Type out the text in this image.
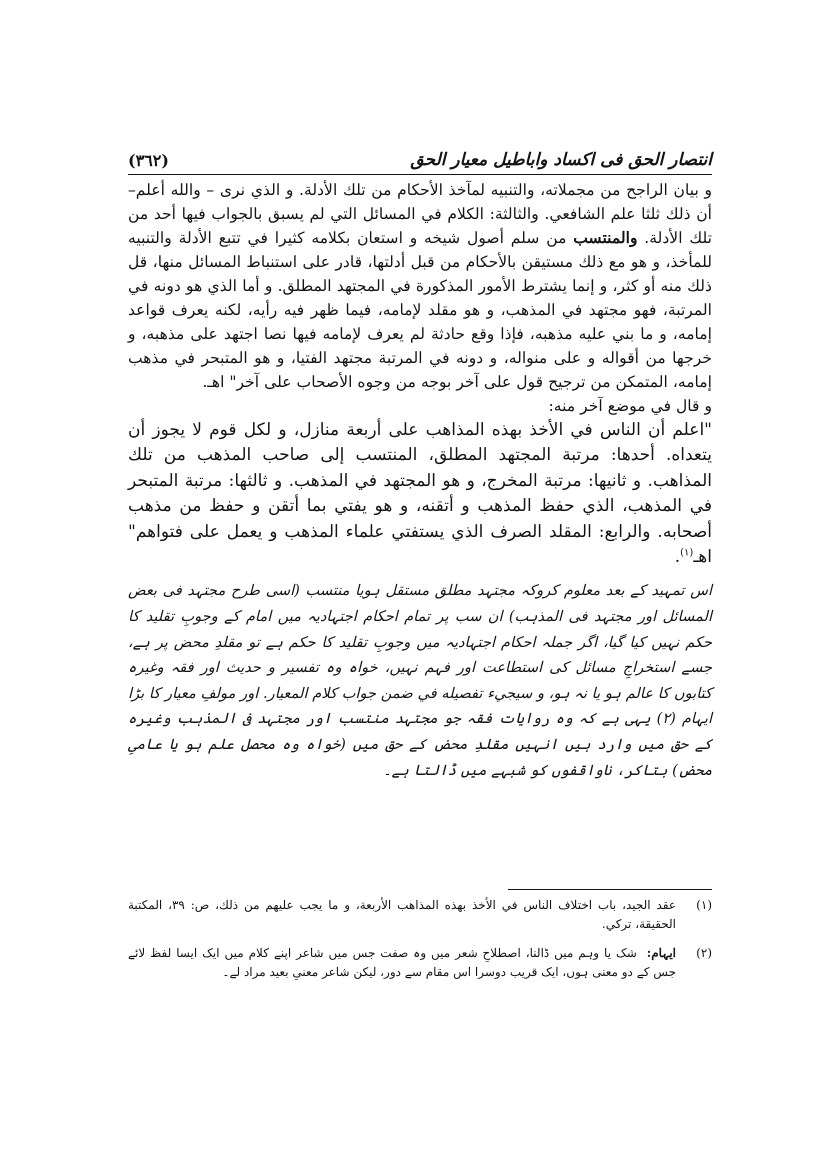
(٣٦٢)	انتصار الحق فی اکساد واباطیل معیار الحق

و بيان الراجح من مجملاته، والتنبيه لمآخذ الأحكام من تلك الأدلة. و الذي نرى – والله أعلم– أن ذلك ثلثا علم الشافعي. والثالثة: الكلام في المسائل التي لم يسبق بالجواب فيها أحد من تلك الأدلة. والمنتسب من سلم أصول شيخه و استعان بكلامه كثيرا في تتبع الأدلة والتنبيه للمأخذ، و هو مع ذلك مستيقن بالأحكام من قبل أدلتها، قادر على استنباط المسائل منها، قل ذلك منه أو كثر، و إنما يشترط الأمور المذكورة في المجتهد المطلق. و أما الذي هو دونه في المرتبة، فهو مجتهد في المذهب، و هو مقلد لإمامه، فيما ظهر فيه رأيه، لكنه يعرف قواعد إمامه، و ما بني عليه مذهبه، فإذا وقع حادثة لم يعرف لإمامه فيها نصا اجتهد على مذهبه، و خرجها من أقواله و على منواله، و دونه في المرتبة مجتهد الفتيا، و هو المتبحر في مذهب إمامه، المتمكن من ترجيح قول على آخر بوجه من وجوه الأصحاب على آخر" اهـ.

و قال في موضع آخر منه:

"اعلم أن الناس في الأخذ بهذه المذاهب على أربعة منازل، و لكل قوم لا يجوز أن يتعداه. أحدها: مرتبة المجتهد المطلق، المنتسب إلى صاحب المذهب من تلك المذاهب. و ثانيها: مرتبة المخرج، و هو المجتهد في المذهب. و ثالثها: مرتبة المتبحر في المذهب، الذي حفظ المذهب و أتقنه، و هو يفتي بما أتقن و حفظ من مذهب أصحابه. والرابع: المقلد الصرف الذي يستفتي علماء المذهب و يعمل على فتواهم" اهـ$^{(١)}$.

اس تمہید کے بعد معلوم کروکہ مجتہد مطلق مستقل ہویا منتسب (اسی طرح مجتہد فی بعض المسائل اور مجتہد فی المذہب) ان سب پر تمام احکام اجتہادیہ میں امام کے وجوبِ تقلید کا حکم نہیں کیا گیا، اگر جملہ احکام اجتہادیہ میں وجوبِ تقلید کا حکم ہے تو مقلدِ محض پر ہے، جسے استخراجِ مسائل کی استطاعت اور فہم نہیں، خواہ وہ تفسیر و حدیث اور فقہ وغیرہ کتابوں کا عالم ہو یا نہ ہو، و سيجيء تفصيله في ضمن جواب كلام المعيار. اور مولفِ معیار کا بڑا ایہام (٢) یہی ہے کہ وہ روایات فقہ جو مجتہد منتسب اور مجتہد فی المذہب وغیرہ کے حق میں وارد ہیں انہیں مقلدِ محض کے حق میں (خواہ وہ محصل علم ہو یا عامیِ محض) بتاکر، ناواقفوں کو شبہے میں ڈالتا ہے۔

(١)
عقد الجيد، باب اختلاف الناس في الأخذ بهذه المذاهب الأربعة، و ما يجب عليهم من ذلك، ص: ٣٩، المكتبة الحقيقة، تركي.
(٢)
ایہام:شک یا وہم میں ڈالنا، اصطلاحِ شعر میں وہ صفت جس میں شاعر اپنے کلام میں ایک ایسا لفظ لائے جس کے دو معنی ہوں، ایک قریب دوسرا اس مقام سے دور، لیکن شاعر معنیِ بعید مراد لے۔
